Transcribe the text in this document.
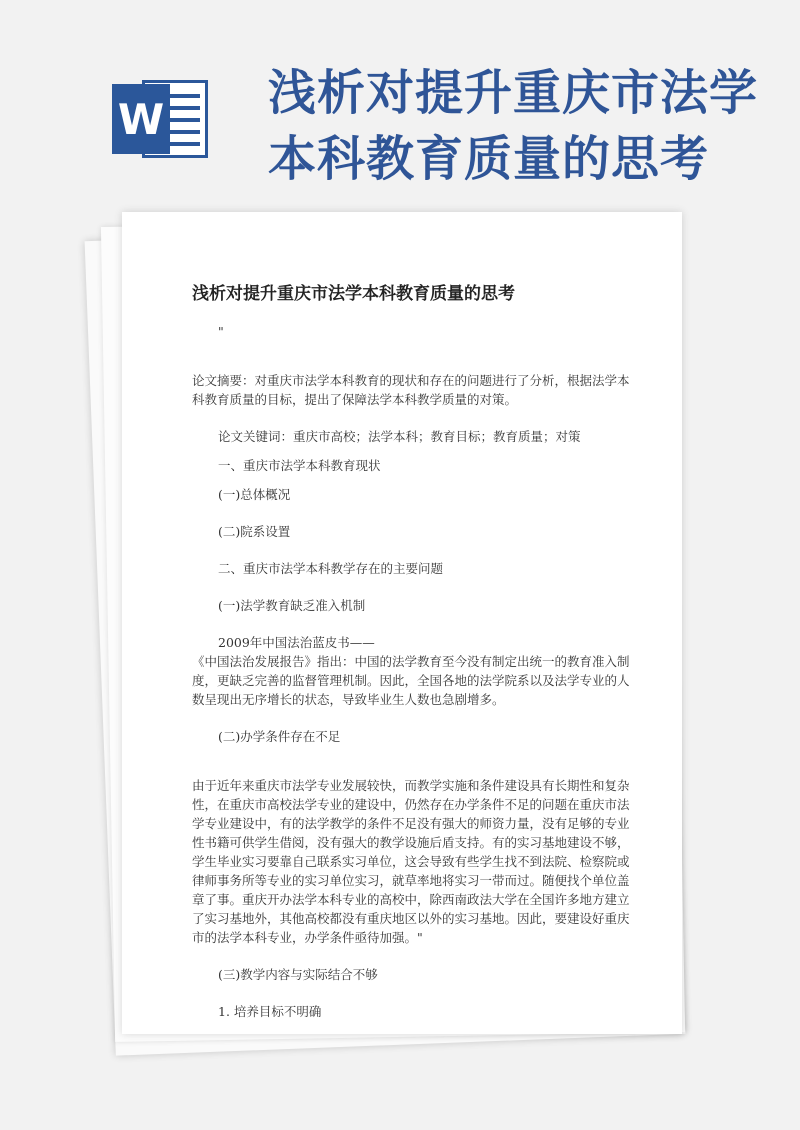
W 浅析对提升重庆市法学
本科教育质量的思考
浅析对提升重庆市法学本科教育质量的思考

"

论文摘要：对重庆市法学本科教育的现状和存在的问题进行了分析，根据法学本科教育质量的目标，提出了保障法学本科教学质量的对策。

论文关键词：重庆市高校；法学本科；教育目标；教育质量；对策

一、重庆市法学本科教育现状

(一)总体概况

(二)院系设置

二、重庆市法学本科教学存在的主要问题

(一)法学教育缺乏准入机制

2009年中国法治蓝皮书——

《中国法治发展报告》指出：中国的法学教育至今没有制定出统一的教育准入制度，更缺乏完善的监督管理机制。因此，全国各地的法学院系以及法学专业的人数呈现出无序增长的状态，导致毕业生人数也急剧增多。

(二)办学条件存在不足

由于近年来重庆市法学专业发展较快，而教学实施和条件建设具有长期性和复杂性，在重庆市高校法学专业的建设中，仍然存在办学条件不足的问题在重庆市法学专业建设中，有的法学教学的条件不足没有强大的师资力量，没有足够的专业性书籍可供学生借阅，没有强大的教学设施后盾支持。有的实习基地建设不够，学生毕业实习要靠自己联系实习单位，这会导致有些学生找不到法院、检察院或律师事务所等专业的实习单位实习，就草率地将实习一带而过。随便找个单位盖章了事。重庆开办法学本科专业的高校中，除西南政法大学在全国许多地方建立了实习基地外，其他高校都没有重庆地区以外的实习基地。因此，要建设好重庆市的法学本科专业，办学条件亟待加强。"

(三)教学内容与实际结合不够

1. 培养目标不明确
